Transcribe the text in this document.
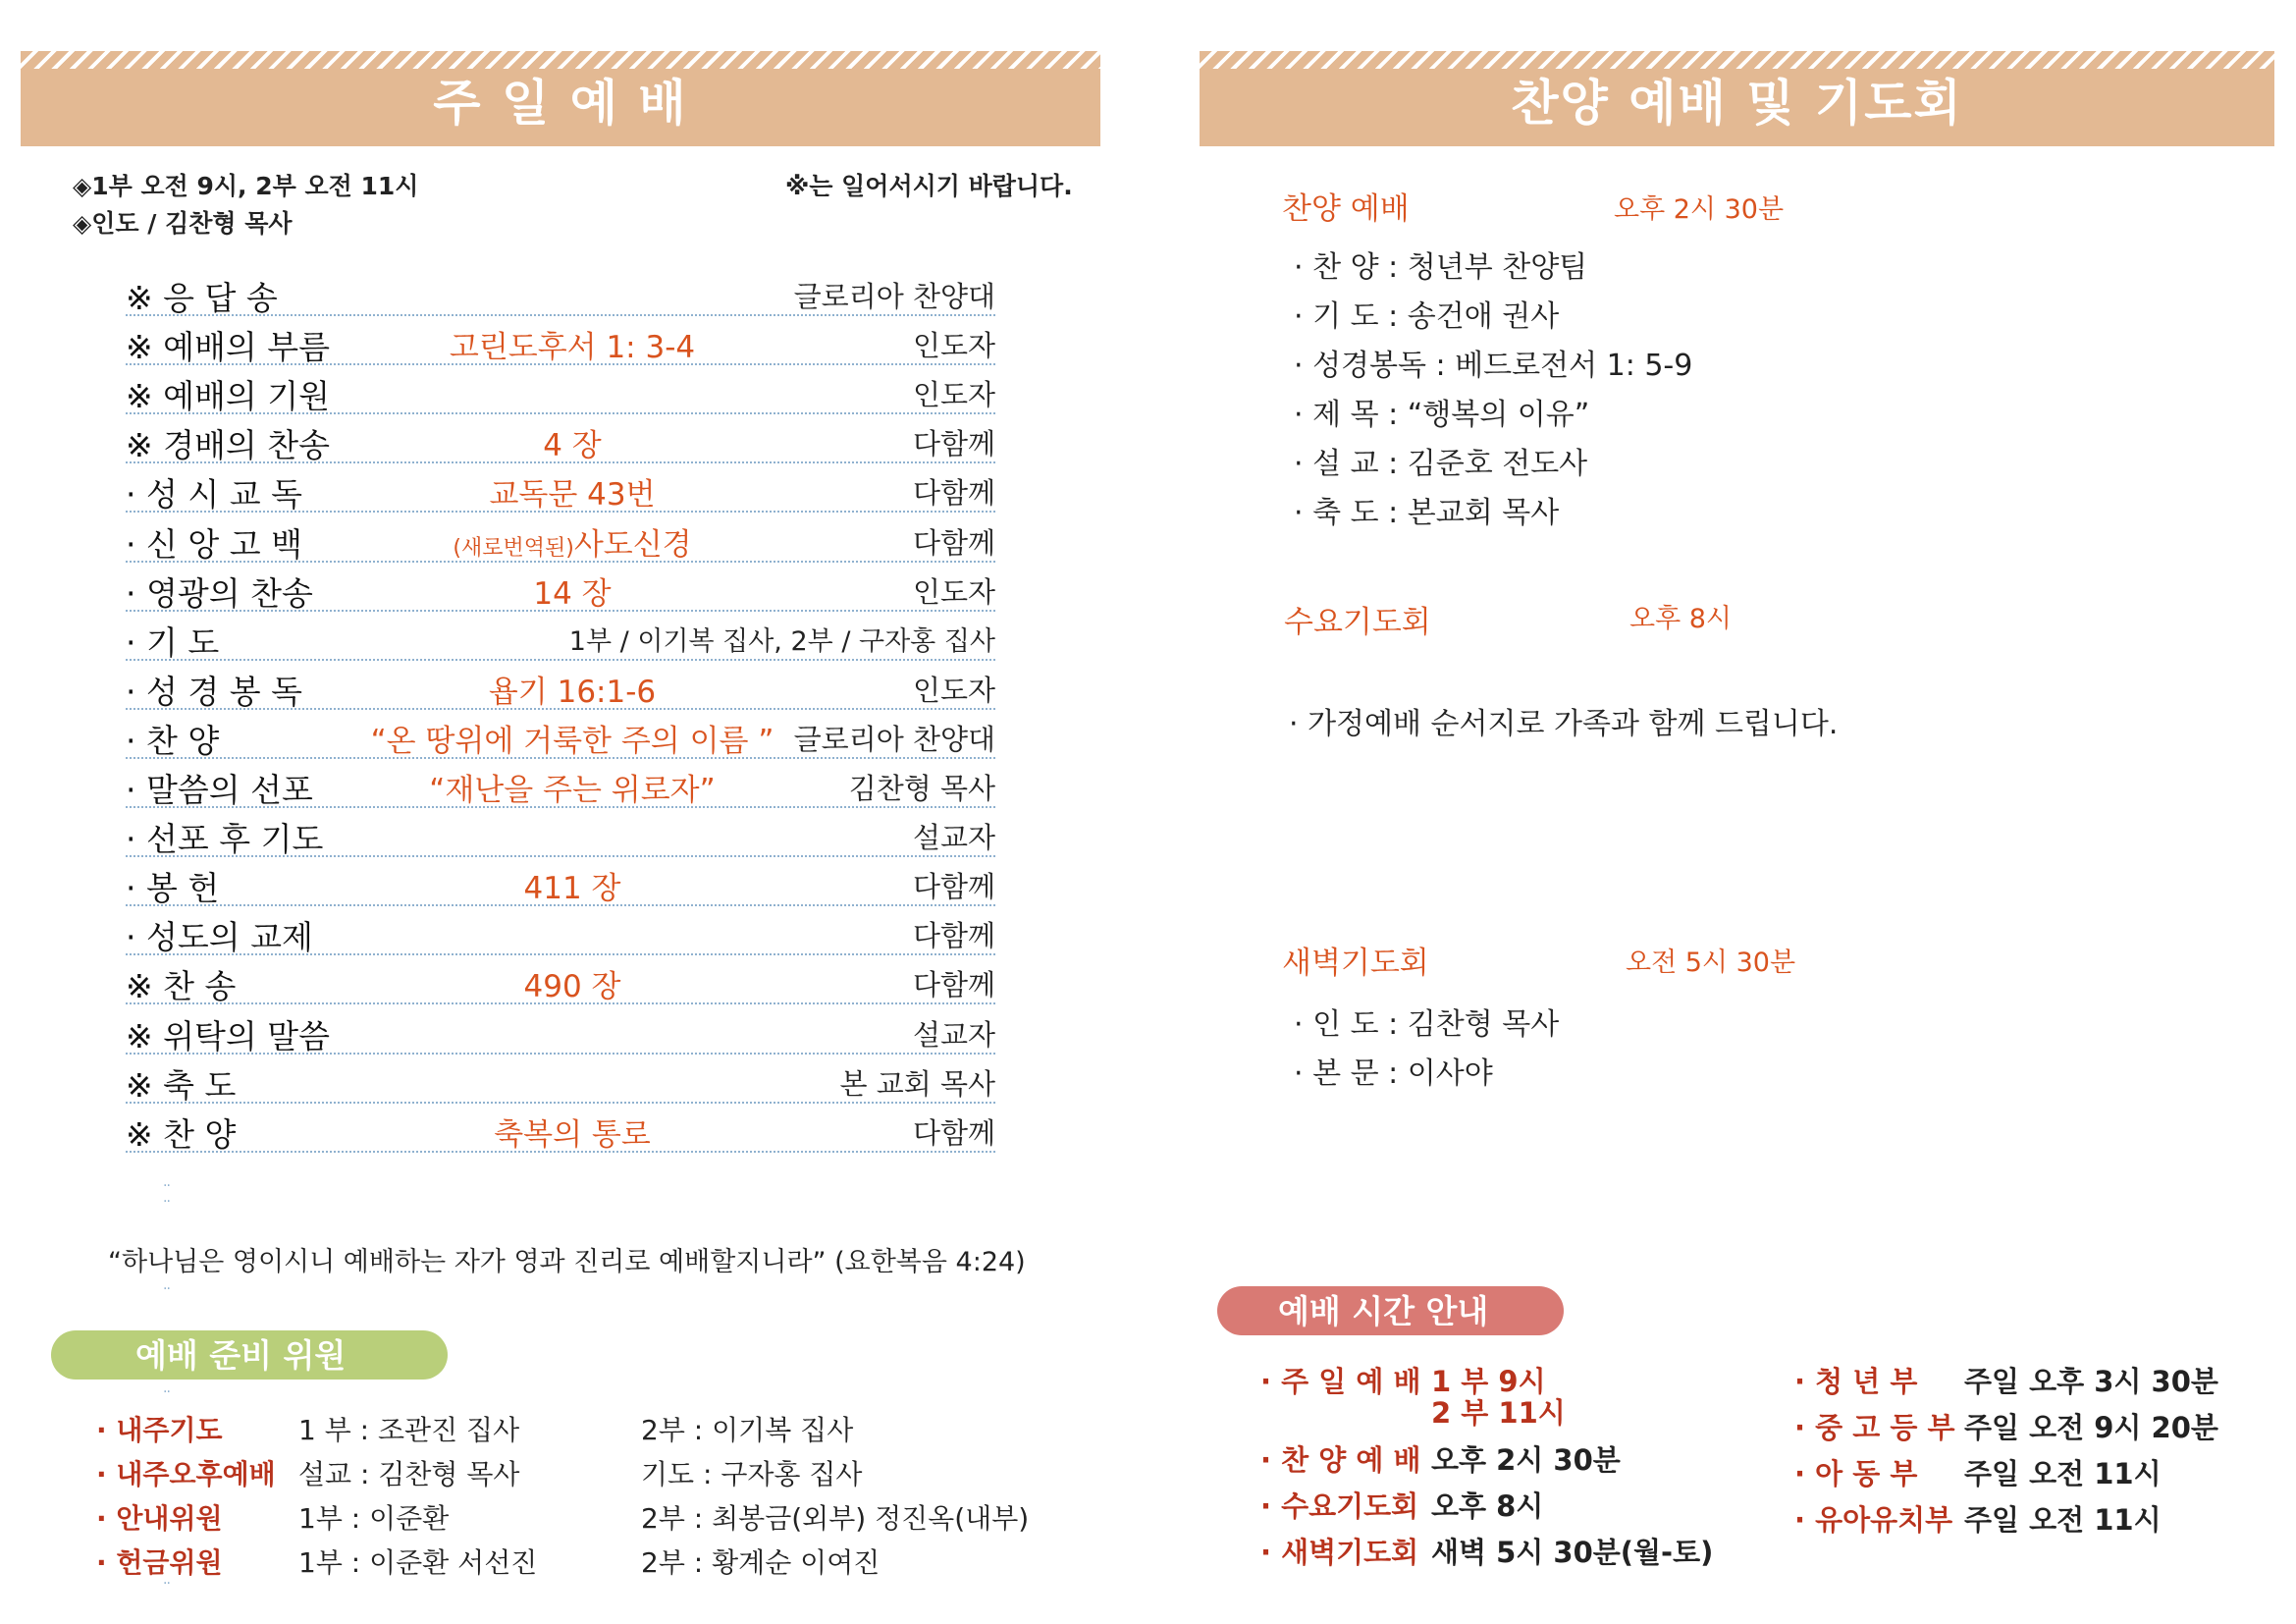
주 일 예 배
◈1부 오전 9시, 2부 오전 11시
◈인도 / 김찬형 목사
※는 일어서시기 바랍니다.
※ 응 답 송	글로리아 찬양대
※ 예배의 부름	고린도후서 1: 3-4	인도자
※ 예배의 기원	인도자
※ 경배의 찬송	4 장	다함께
· 성 시 교 독	교독문 43번	다함께
· 신 앙 고 백	(새로번역된)사도신경	다함께
· 영광의 찬송	14 장	인도자
· 기 도	1부 / 이기복 집사, 2부 / 구자홍 집사
· 성 경 봉 독	욥기 16:1-6	인도자
· 찬 양	“온 땅위에 거룩한 주의 이름 ” 글로리아 찬양대
· 말씀의 선포	“재난을 주는 위로자”	김찬형 목사
· 선포 후 기도	설교자
· 봉 헌	411 장	다함께
· 성도의 교제	다함께
※ 찬 송	490 장	다함께
※ 위탁의 말씀	설교자
※ 축 도	본 교회 목사
※ 찬 양	축복의 통로	다함께
··
··
··
“하나님은 영이시니 예배하는 자가 영과 진리로 예배할지니라” (요한복음 4:24)
예배 준비 위원
· 내주기도	1 부 : 조관진 집사	2부 : 이기복 집사
· 내주오후예배 설교 : 김찬형 목사	기도 : 구자홍 집사
· 안내위원	1부 : 이준환	2부 : 최봉금(외부) 정진옥(내부)
· 헌금위원	1부 : 이준환 서선진	2부 : 황계순 이여진
··
··
찬양 예배 및 기도회
찬양 예배	오후 2시 30분
· 찬 양 : 청년부 찬양팀
· 기 도 : 송건애 권사
· 성경봉독 : 베드로전서 1: 5-9
· 제 목 : “행복의 이유”
· 설 교 : 김준호 전도사
· 축 도 : 본교회 목사
수요기도회	오후 8시
· 가정예배 순서지로 가족과 함께 드립니다.
새벽기도회	오전 5시 30분
· 인 도 : 김찬형 목사
· 본 문 : 이사야
예배 시간 안내
· 주 일 예 배 1 부 9시
2 부 11시
· 찬 양 예 배 오후 2시 30분
· 수요기도회 오후 8시
· 새벽기도회 새벽 5시 30분(월-토)
· 청 년 부 주일 오후 3시 30분
· 중 고 등 부 주일 오전 9시 20분
· 아 동 부 주일 오전 11시
· 유아유치부 주일 오전 11시
